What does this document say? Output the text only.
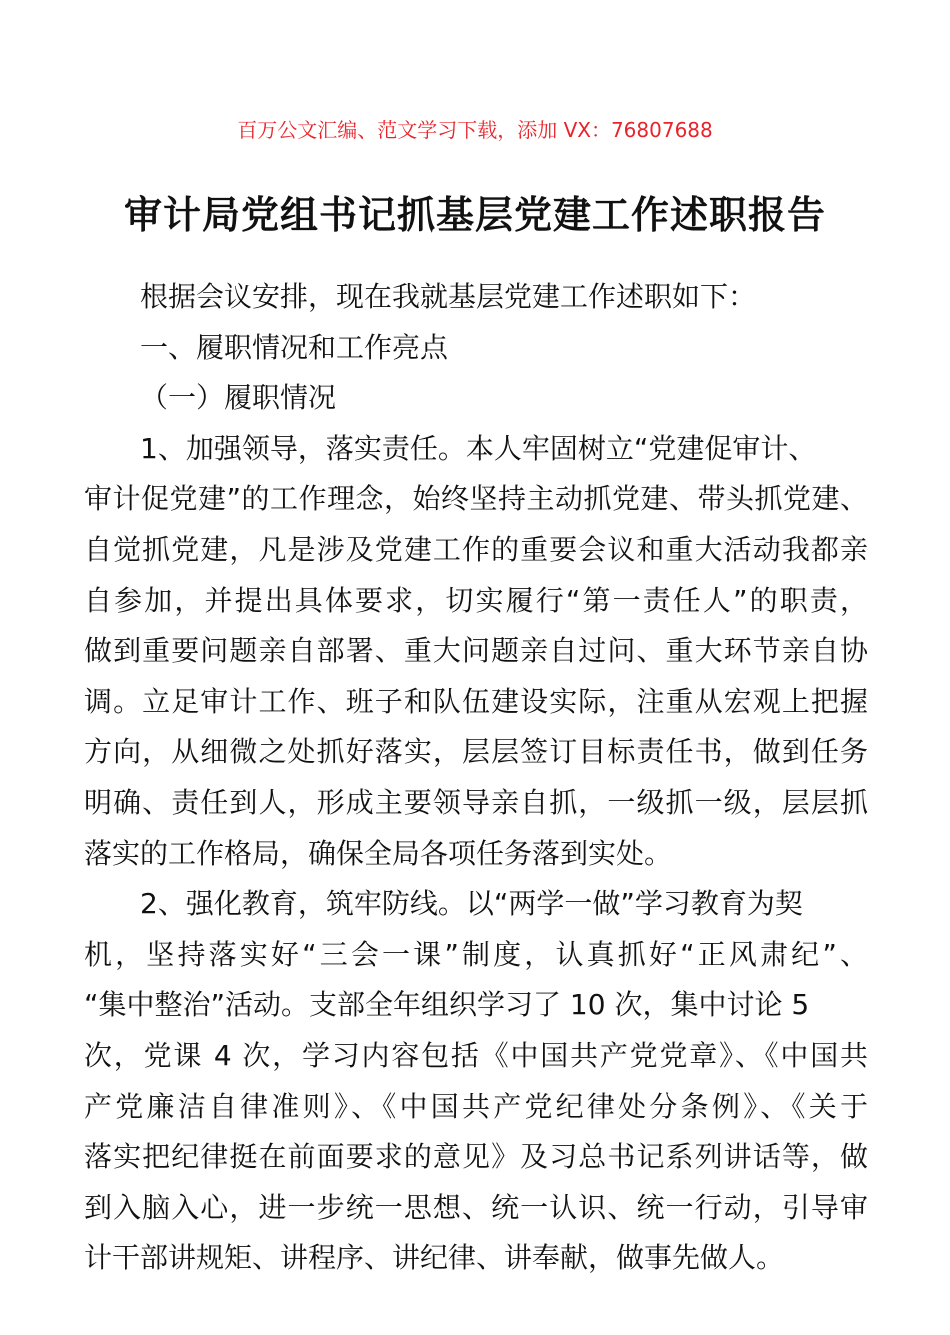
百万公文汇编、范文学习下载，添加 VX：76807688
审计局党组书记抓基层党建工作述职报告
根据会议安排，现在我就基层党建工作述职如下：
一、履职情况和工作亮点
（一）履职情况
1、加强领导，落实责任。本人牢固树立“党建促审计、
审计促党建”的工作理念，始终坚持主动抓党建、带头抓党建、
自觉抓党建，凡是涉及党建工作的重要会议和重大活动我都亲
自参加，并提出具体要求，切实履行“第一责任人”的职责，
做到重要问题亲自部署、重大问题亲自过问、重大环节亲自协
调。立足审计工作、班子和队伍建设实际，注重从宏观上把握
方向，从细微之处抓好落实，层层签订目标责任书，做到任务
明确、责任到人，形成主要领导亲自抓，一级抓一级，层层抓
落实的工作格局，确保全局各项任务落到实处。
2、强化教育，筑牢防线。以“两学一做”学习教育为契
机，坚持落实好“三会一课”制度，认真抓好“正风肃纪”、
“集中整治”活动。支部全年组织学习了 10 次，集中讨论 5
次，党课 4 次，学习内容包括《中国共产党党章》、《中国共
产党廉洁自律准则》、《中国共产党纪律处分条例》、《关于
落实把纪律挺在前面要求的意见》及习总书记系列讲话等，做
到入脑入心，进一步统一思想、统一认识、统一行动，引导审
计干部讲规矩、讲程序、讲纪律、讲奉献，做事先做人。
